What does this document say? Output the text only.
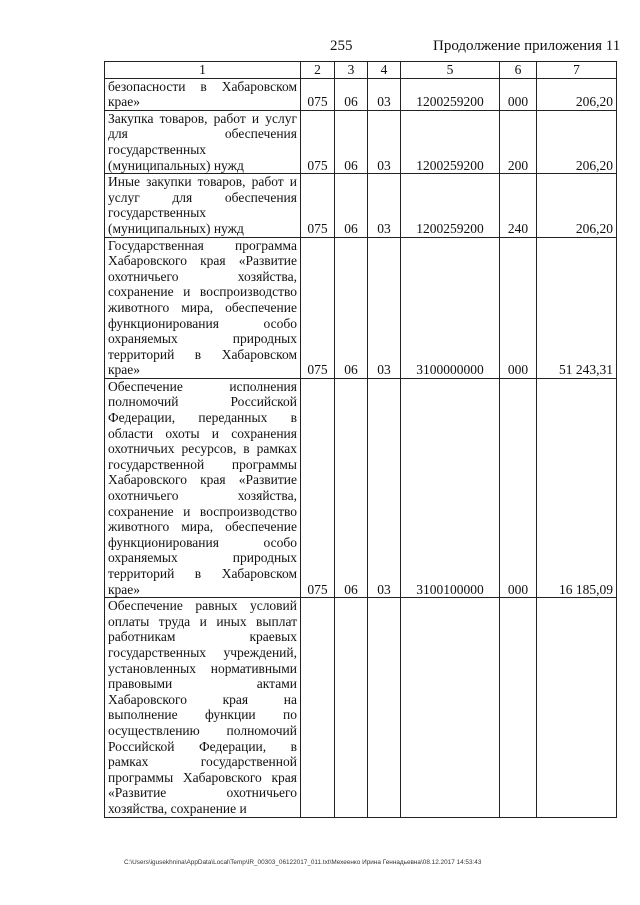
255	Продолжение приложения 11
1	2	3	4	5	6	7
безопасности в Хабаровском крае»	075	06	03	1200259200	000	206,20
Закупка товаров, работ и услуг для обеспечения государственных (муниципальных) нужд	075	06	03	1200259200	200	206,20
Иные закупки товаров, работ и услуг для обеспечения государственных (муниципальных) нужд	075	06	03	1200259200	240	206,20
Государственная программа Хабаровского края «Развитие охотничьего хозяйства, сохранение и воспроизводство животного мира, обеспечение функционирования особо охраняемых природных территорий в Хабаровском крае»	075	06	03	3100000000	000	51 243,31
Обеспечение исполнения полномочий Российской Федерации, переданных в области охоты и сохранения охотничьих ресурсов, в рамках государственной программы Хабаровского края «Развитие охотничьего хозяйства, сохранение и воспроизводство животного мира, обеспечение функционирования особо охраняемых природных территорий в Хабаровском крае»	075	06	03	3100100000	000	16 185,09
Обеспечение равных условий оплаты труда и иных выплат работникам краевых государственных учреждений, установленных нормативными правовыми актами Хабаровского края на выполнение функции по осуществлению полномочий Российской Федерации, в рамках государственной программы Хабаровского края «Развитие охотничьего хозяйства, сохранение и						
C:\Users\igusekhnina\AppData\Local\Temp\IR_00303_06122017_011.txt\Мехеенко Ирина Геннадьевна\08.12.2017 14:53:43
